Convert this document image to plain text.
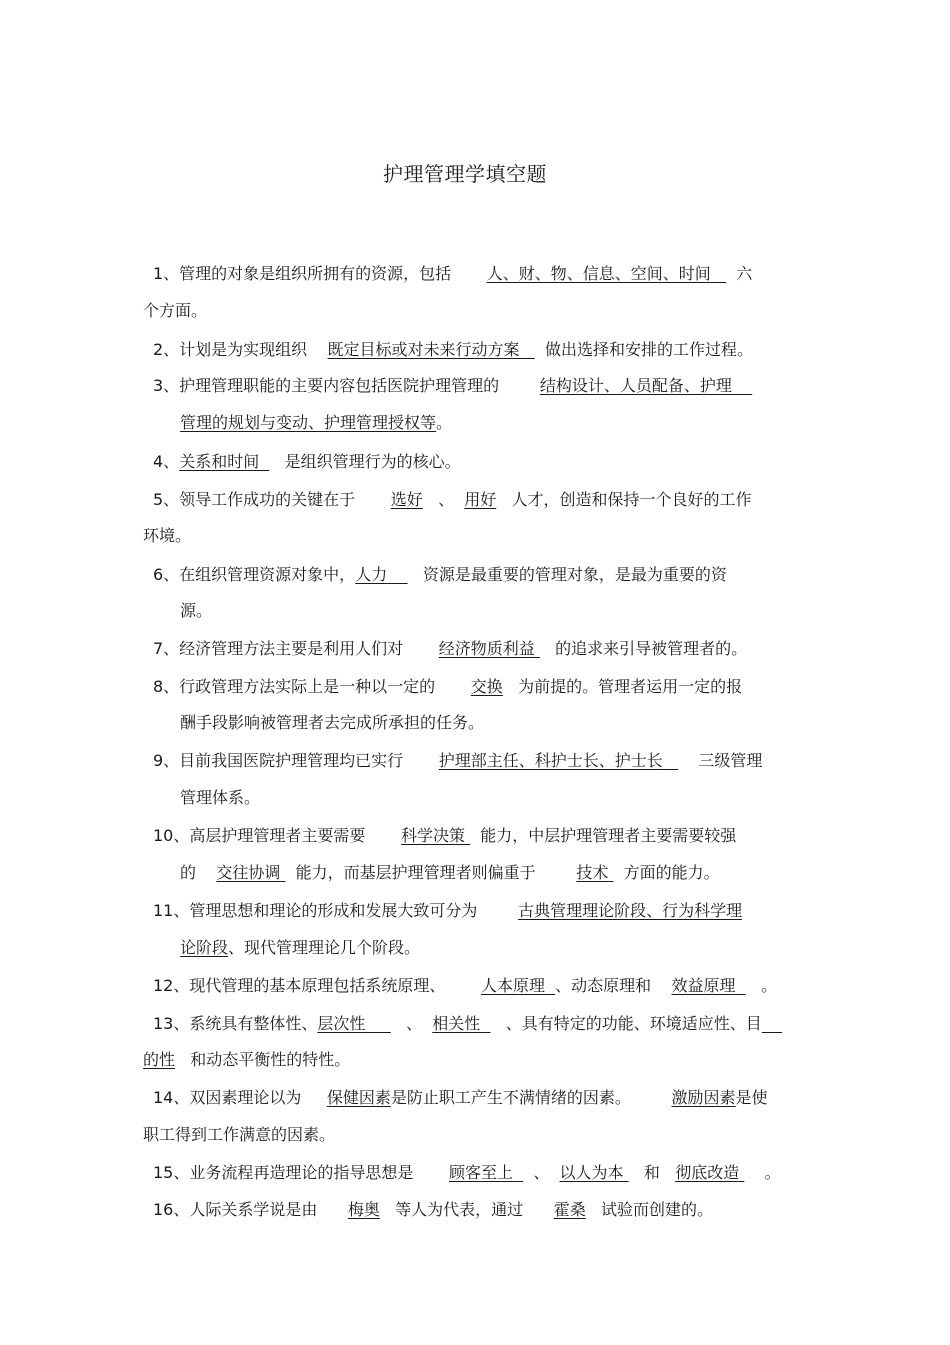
护理管理学填空题
1、管理的对象是组织所拥有的资源，包括 人、财、物、信息、空间、时间 六
个方面。
2、计划是为实现组织 既定目标或对未来行动方案 做出选择和安排的工作过程。
3、护理管理职能的主要内容包括医院护理管理的	结构设计、人员配备、护理
管理的规划与变动、护理管理授权等。
4、关系和时间 是组织管理行为的核心。
5、领导工作成功的关键在于 选好 、 用好 人才，创造和保持一个良好的工作
环境。
6、在组织管理资源对象中，人力 资源是最重要的管理对象，是最为重要的资
源。
7、经济管理方法主要是利用人们对 经济物质利益 的追求来引导被管理者的。
8、行政管理方法实际上是一种以一定的 交换 为前提的。管理者运用一定的报
酬手段影响被管理者去完成所承担的任务。
9、目前我国医院护理管理均已实行 护理部主任、科护士长、护士长 三级管理
管理体系。
10、高层护理管理者主要需要 科学决策 能力，中层护理管理者主要需要较强
的 交往协调 能力，而基层护理管理者则偏重于	技术 方面的能力。
11、管理思想和理论的形成和发展大致可分为	古典管理理论阶段、行为科学理
论阶段、现代管理理论几个阶段。
12、现代管理的基本原理包括系统原理、 人本原理 、动态原理和 效益原理 。
13、系统具有整体性、层次性	、 相关性 、具有特定的功能、环境适应性、目
的性 和动态平衡性的特性。
14、双因素理论以为 保健因素是防止职工产生不满情绪的因素。	激励因素是使
职工得到工作满意的因素。
15、业务流程再造理论的指导思想是 顾客至上 、 以人为本 和 彻底改造 。
16、人际关系学说是由 梅奥 等人为代表，通过 霍桑 试验而创建的。
